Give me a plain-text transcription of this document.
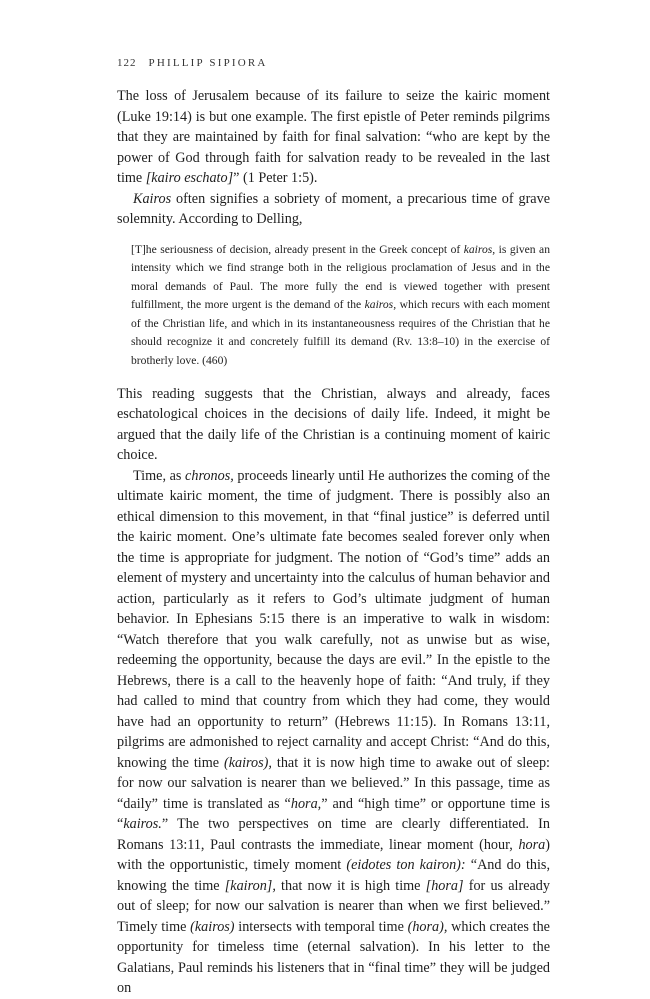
122 PHILLIP SIPIORA

The loss of Jerusalem because of its failure to seize the kairic moment (Luke 19:14) is but one example. The first epistle of Peter reminds pilgrims that they are maintained by faith for final salvation: “who are kept by the power of God through faith for salvation ready to be revealed in the last time [kairo eschato]” (1 Peter 1:5).

Kairos often signifies a sobriety of moment, a precarious time of grave solemnity. According to Delling,

[T]he seriousness of decision, already present in the Greek concept of kairos, is given an intensity which we find strange both in the religious proclamation of Jesus and in the moral demands of Paul. The more fully the end is viewed together with present fulfillment, the more urgent is the demand of the kairos, which recurs with each moment of the Christian life, and which in its instantaneousness requires of the Christian that he should recognize it and concretely fulfill its demand (Rv. 13:8–10) in the exercise of brotherly love. (460)

This reading suggests that the Christian, always and already, faces eschatological choices in the decisions of daily life. Indeed, it might be argued that the daily life of the Christian is a continuing moment of kairic choice.

Time, as chronos, proceeds linearly until He authorizes the coming of the ultimate kairic moment, the time of judgment. There is possibly also an ethical dimension to this movement, in that “final justice” is deferred until the kairic moment. One’s ultimate fate becomes sealed forever only when the time is appropriate for judgment. The notion of “God’s time” adds an element of mystery and uncertainty into the calculus of human behavior and action, particularly as it refers to God’s ultimate judgment of human behavior. In Ephesians 5:15 there is an imperative to walk in wisdom: “Watch therefore that you walk carefully, not as unwise but as wise, redeeming the opportunity, because the days are evil.” In the epistle to the Hebrews, there is a call to the heavenly hope of faith: “And truly, if they had called to mind that country from which they had come, they would have had an opportunity to return” (Hebrews 11:15). In Romans 13:11, pilgrims are admonished to reject carnality and accept Christ: “And do this, knowing the time (kairos), that it is now high time to awake out of sleep: for now our salvation is nearer than we believed.” In this passage, time as “daily” time is translated as “hora,” and “high time” or opportune time is “kairos.” The two perspectives on time are clearly differentiated. In Romans 13:11, Paul contrasts the immediate, linear moment (hour, hora) with the opportunistic, timely moment (eidotes ton kairon): “And do this, knowing the time [kairon], that now it is high time [hora] for us already out of sleep; for now our salvation is nearer than when we first believed.” Timely time (kairos) intersects with temporal time (hora), which creates the opportunity for timeless time (eternal salvation). In his letter to the Galatians, Paul reminds his listeners that in “final time” they will be judged on
